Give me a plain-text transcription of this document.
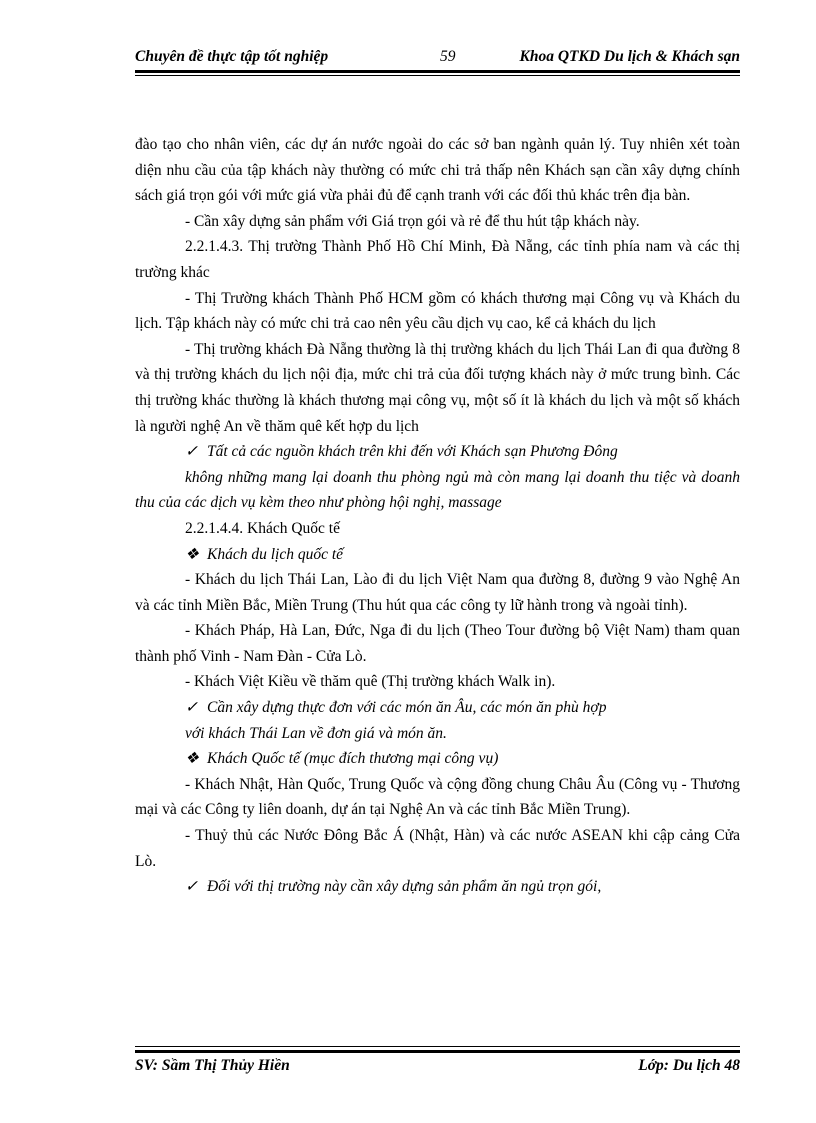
Chuyên đề thực tập tốt nghiệp	59	Khoa QTKD Du lịch & Khách sạn

đào tạo cho nhân viên, các dự án nước ngoài do các sở ban ngành quản lý. Tuy nhiên xét toàn diện nhu cầu của tập khách này thường có mức chi trả thấp nên Khách sạn cần xây dựng chính sách giá trọn gói với mức giá vừa phải đủ để cạnh tranh với các đối thủ khác trên địa bàn.

- Cần xây dựng sản phẩm với Giá trọn gói và rẻ để thu hút tập khách này.

2.2.1.4.3. Thị trường Thành Phố Hồ Chí Minh, Đà Nẵng, các tỉnh phía nam và các thị trường khác

- Thị Trường khách Thành Phố HCM gồm có khách thương mại Công vụ và Khách du lịch. Tập khách này có mức chi trả cao nên yêu cầu dịch vụ cao, kể cả khách du lịch

- Thị trường khách Đà Nẵng thường là thị trường khách du lịch Thái Lan đi qua đường 8 và thị trường khách du lịch nội địa, mức chi trả của đối tượng khách này ở mức trung bình. Các thị trường khác thường là khách thương mại công vụ, một số ít là khách du lịch và một số khách là người nghệ An về thăm quê kết hợp du lịch

✓ Tất cả các nguồn khách trên khi đến với Khách sạn Phương Đông

không những mang lại doanh thu phòng ngủ mà còn mang lại doanh thu tiệc và doanh thu của các dịch vụ kèm theo như phòng hội nghị, massage

2.2.1.4.4. Khách Quốc tế

❖ Khách du lịch quốc tế

- Khách du lịch Thái Lan, Lào đi du lịch Việt Nam qua đường 8, đường 9 vào Nghệ An và các tỉnh Miền Bắc, Miền Trung (Thu hút qua các công ty lữ hành trong và ngoài tỉnh).

- Khách Pháp, Hà Lan, Đức, Nga đi du lịch (Theo Tour đường bộ Việt Nam) tham quan thành phố Vinh - Nam Đàn - Cửa Lò.

- Khách Việt Kiều về thăm quê (Thị trường khách Walk in).

✓ Cần xây dựng thực đơn với các món ăn Âu, các món ăn phù hợp

với khách Thái Lan về đơn giá và món ăn.

❖ Khách Quốc tế (mục đích thương mại công vụ)

- Khách Nhật, Hàn Quốc, Trung Quốc và cộng đồng chung Châu Âu (Công vụ - Thương mại và các Công ty liên doanh, dự án tại Nghệ An và các tỉnh Bắc Miền Trung).

- Thuỷ thủ các Nước Đông Bắc Á (Nhật, Hàn) và các nước ASEAN khi cập cảng Cửa Lò.

✓ Đối với thị trường này cần xây dựng sản phẩm ăn ngủ trọn gói,

SV: Sầm Thị Thủy Hiền	Lớp: Du lịch 48
